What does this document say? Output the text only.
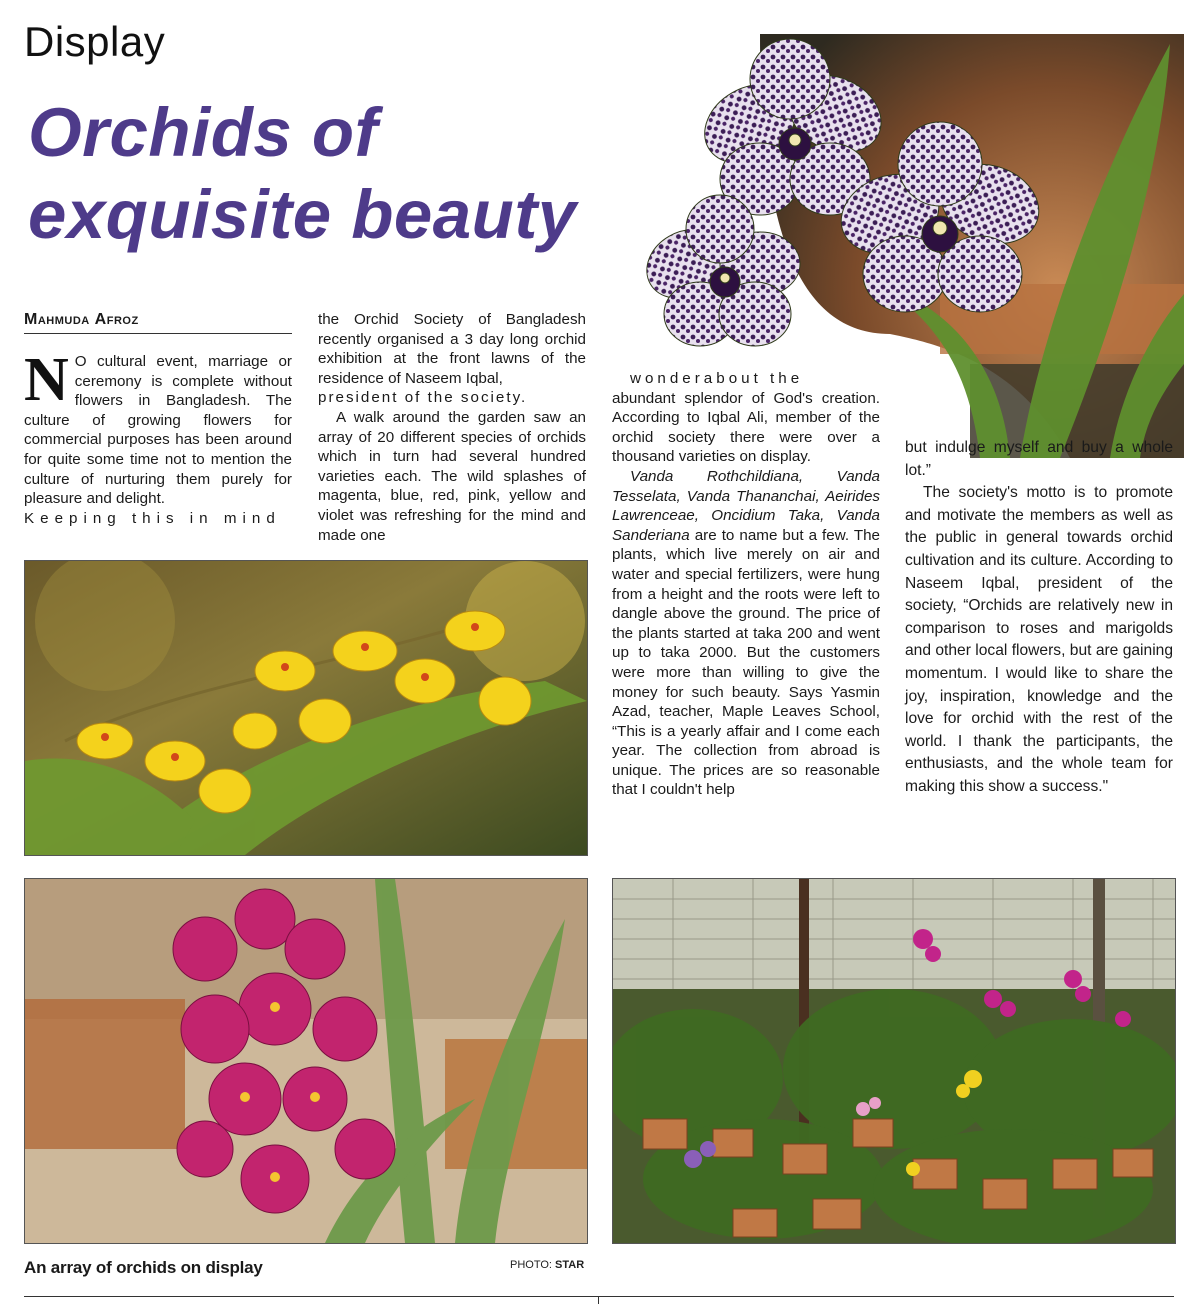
Display
Orchids of
exquisite beauty
Mahmuda Afroz
N O cultural event, marriage or ceremony is complete without flowers in Bangladesh. The culture of growing flowers for commercial purposes has been around for quite some time not to mention the culture of nurturing them purely for pleasure and delight.

Keeping this in mind

the Orchid Society of Bangladesh recently organised a 3 day long orchid exhibition at the front lawns of the residence of Naseem Iqbal,

president of the society.

A walk around the garden saw an array of 20 different species of orchids which in turn had several hundred varieties each. The wild splashes of magenta, blue, red, pink, yellow and violet was refreshing for the mind and made one

wonderabout the

abundant splendor of God's creation. According to Iqbal Ali, member of the orchid society there were over a thousand varieties on display.

Vanda Rothchildiana, Vanda Tesselata, Vanda Thananchai, Aeirides Lawrenceae, Oncidium Taka, Vanda Sanderiana are to name but a few. The plants, which live merely on air and water and special fertilizers, were hung from a height and the roots were left to dangle above the ground. The price of the plants started at taka 200 and went up to taka 2000. But the customers were more than willing to give the money for such beauty. Says Yasmin Azad, teacher, Maple Leaves School, “This is a yearly affair and I come each year. The collection from abroad is unique. The prices are so reasonable that I couldn't help

but indulge myself and buy a whole lot.”

The society's motto is to promote and motivate the members as well as the public in general towards orchid cultivation and its culture. According to Naseem Iqbal, president of the society, “Orchids are relatively new in comparison to roses and marigolds and other local flowers, but are gaining momentum. I would like to share the joy, inspiration, knowledge and the love for orchid with the rest of the world. I thank the participants, the enthusiasts, and the whole team for making this show a success."

An array of orchids on display	PHOTO: STAR
